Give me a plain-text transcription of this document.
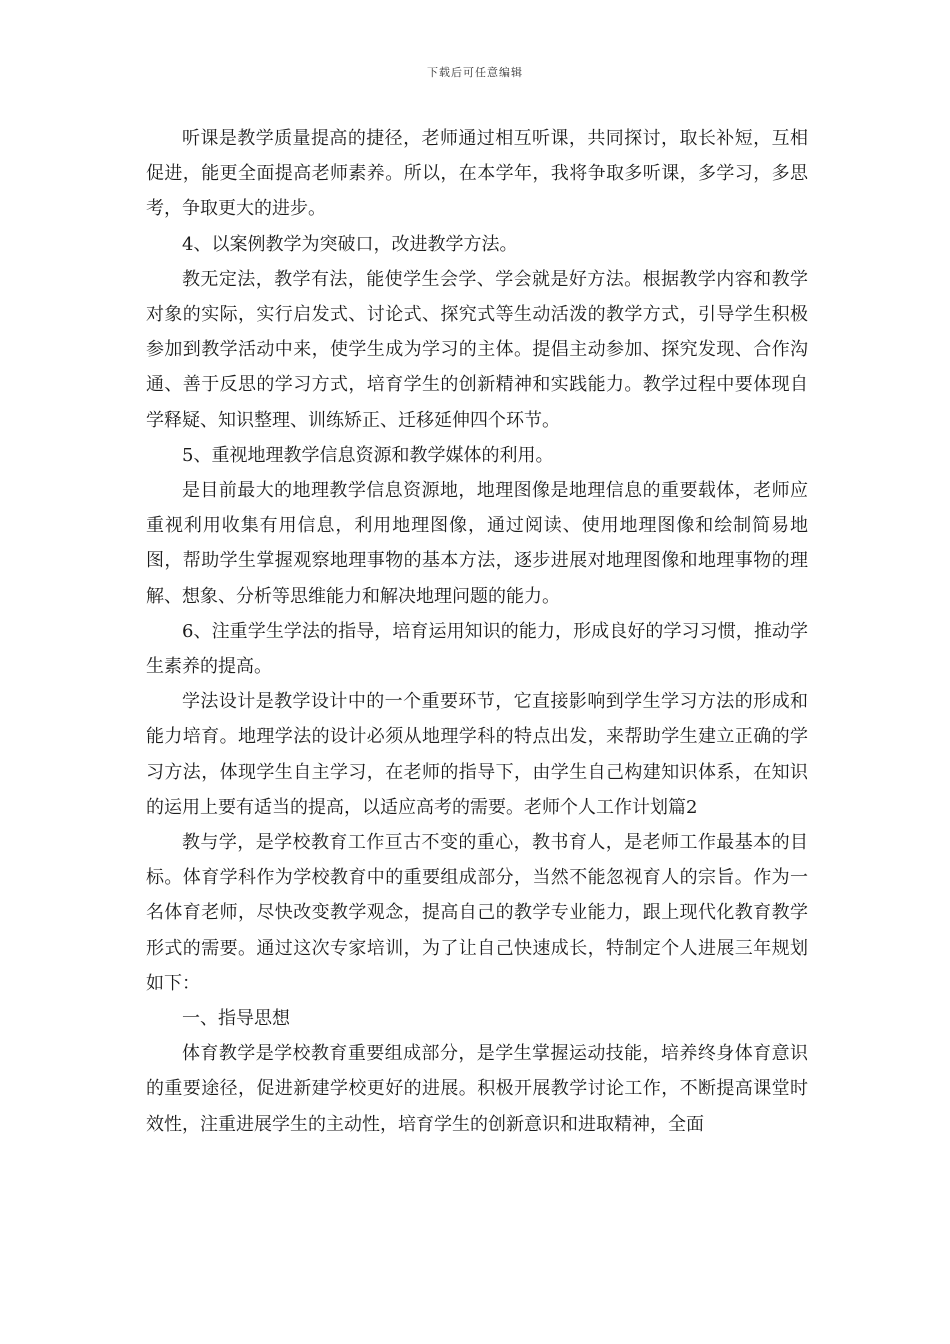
下载后可任意编辑

听课是教学质量提高的捷径，老师通过相互听课，共同探讨，取长补短，互相促进，能更全面提高老师素养。所以，在本学年，我将争取多听课，多学习，多思考，争取更大的进步。

4、以案例教学为突破口，改进教学方法。

教无定法，教学有法，能使学生会学、学会就是好方法。根据教学内容和教学对象的实际，实行启发式、讨论式、探究式等生动活泼的教学方式，引导学生积极参加到教学活动中来，使学生成为学习的主体。提倡主动参加、探究发现、合作沟通、善于反思的学习方式，培育学生的创新精神和实践能力。教学过程中要体现自学释疑、知识整理、训练矫正、迁移延伸四个环节。

5、重视地理教学信息资源和教学媒体的利用。

是目前最大的地理教学信息资源地，地理图像是地理信息的重要载体，老师应重视利用收集有用信息，利用地理图像，通过阅读、使用地理图像和绘制简易地图，帮助学生掌握观察地理事物的基本方法，逐步进展对地理图像和地理事物的理解、想象、分析等思维能力和解决地理问题的能力。

6、注重学生学法的指导，培育运用知识的能力，形成良好的学习习惯，推动学生素养的提高。

学法设计是教学设计中的一个重要环节，它直接影响到学生学习方法的形成和能力培育。地理学法的设计必须从地理学科的特点出发，来帮助学生建立正确的学习方法，体现学生自主学习，在老师的指导下，由学生自己构建知识体系，在知识的运用上要有适当的提高，以适应高考的需要。老师个人工作计划篇2

教与学，是学校教育工作亘古不变的重心，教书育人，是老师工作最基本的目标。体育学科作为学校教育中的重要组成部分，当然不能忽视育人的宗旨。作为一名体育老师，尽快改变教学观念，提高自己的教学专业能力，跟上现代化教育教学形式的需要。通过这次专家培训，为了让自己快速成长，特制定个人进展三年规划如下：

一、指导思想

体育教学是学校教育重要组成部分，是学生掌握运动技能，培养终身体育意识的重要途径，促进新建学校更好的进展。积极开展教学讨论工作，不断提高课堂时效性，注重进展学生的主动性，培育学生的创新意识和进取精神，全面
